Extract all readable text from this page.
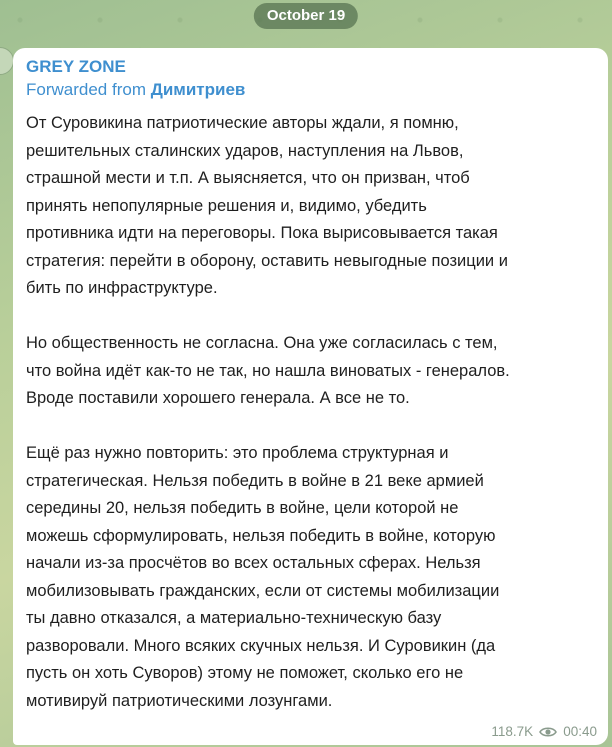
October 19

GREY ZONE

Forwarded from Димитриев

От Суровикина патриотические авторы ждали, я помню,
решительных сталинских ударов, наступления на Львов,
страшной мести и т.п. А выясняется, что он призван, чтоб
принять непопулярные решения и, видимо, убедить
противника идти на переговоры. Пока вырисовывается такая
стратегия: перейти в оборону, оставить невыгодные позиции и
бить по инфраструктуре.

Но общественность не согласна. Она уже согласилась с тем,
что война идёт как-то не так, но нашла виноватых - генералов.
Вроде поставили хорошего генерала. А все не то.

Ещё раз нужно повторить: это проблема структурная и
стратегическая. Нельзя победить в войне в 21 веке армией
середины 20, нельзя победить в войне, цели которой не
можешь сформулировать, нельзя победить в войне, которую
начали из-за просчётов во всех остальных сферах. Нельзя
мобилизовывать гражданских, если от системы мобилизации
ты давно отказался, а материально-техническую базу
разворовали. Много всяких скучных нельзя. И Суровикин (да
пусть он хоть Суворов) этому не поможет, сколько его не
мотивируй патриотическими лозунгами.

118.7K 00:40
